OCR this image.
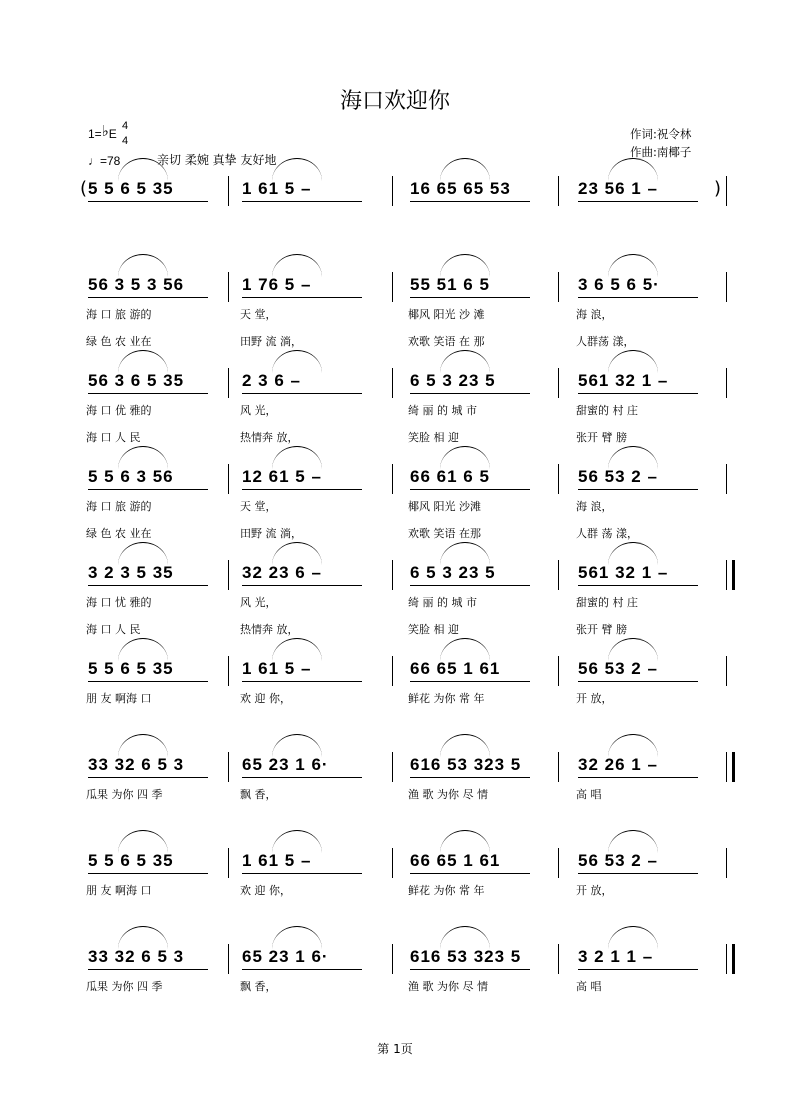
海口欢迎你
1=♭E
4
4
♩=78	亲切 柔婉 真挚 友好地
作词:祝令林
作曲:南椰子
(	)
5 5 6 5 35	1 61 5 –	16 65 65 53	23 56 1 –
56 3 5 3 56	1 76 5 –	55 51 6 5	3 6 5 6 5·
海 口 旅 游的	天 堂，	椰风 阳光 沙 滩	海 浪，
绿 色 农 业在	田野 流 淌，	欢歌 笑语 在 那	人群荡 漾，
56 3 6 5 35	2 3 6 –	6 5 3 23 5	561 32 1 –
海 口 优 雅的	风 光，	绮 丽 的 城 市	甜蜜的 村 庄
海 口 人 民	热情奔 放，	笑脸 相 迎	张开 臂 膀
5 5 6 3 56	12 61 5 –	66 61 6 5	56 53 2 –
海 口 旅 游的	天 堂，	椰风 阳光 沙滩	海 浪，
绿 色 农 业在	田野 流 淌，	欢歌 笑语 在那	人群 荡 漾，
3 2 3 5 35	32 23 6 –	6 5 3 23 5	561 32 1 –
海 口 忧 雅的	风 光，	绮 丽 的 城 市	甜蜜的 村 庄
海 口 人 民	热情奔 放，	笑脸 相 迎	张开 臂 膀
5 5 6 5 35	1 61 5 –	66 65 1 61	56 53 2 –
朋 友 啊海 口	欢 迎 你，	鲜花 为你 常 年	开 放，
33 32 6 5 3	65 23 1 6·	616 53 323 5	32 26 1 –
瓜果 为你 四 季	飘 香，	渔 歌 为你 尽 情	高 唱
5 5 6 5 35	1 61 5 –	66 65 1 61	56 53 2 –
朋 友 啊海 口	欢 迎 你，	鲜花 为你 常 年	开 放，
33 32 6 5 3	65 23 1 6·	616 53 323 5	3 2 1 1 –
瓜果 为你 四 季	飘 香，	渔 歌 为你 尽 情	高 唱
第 1页
